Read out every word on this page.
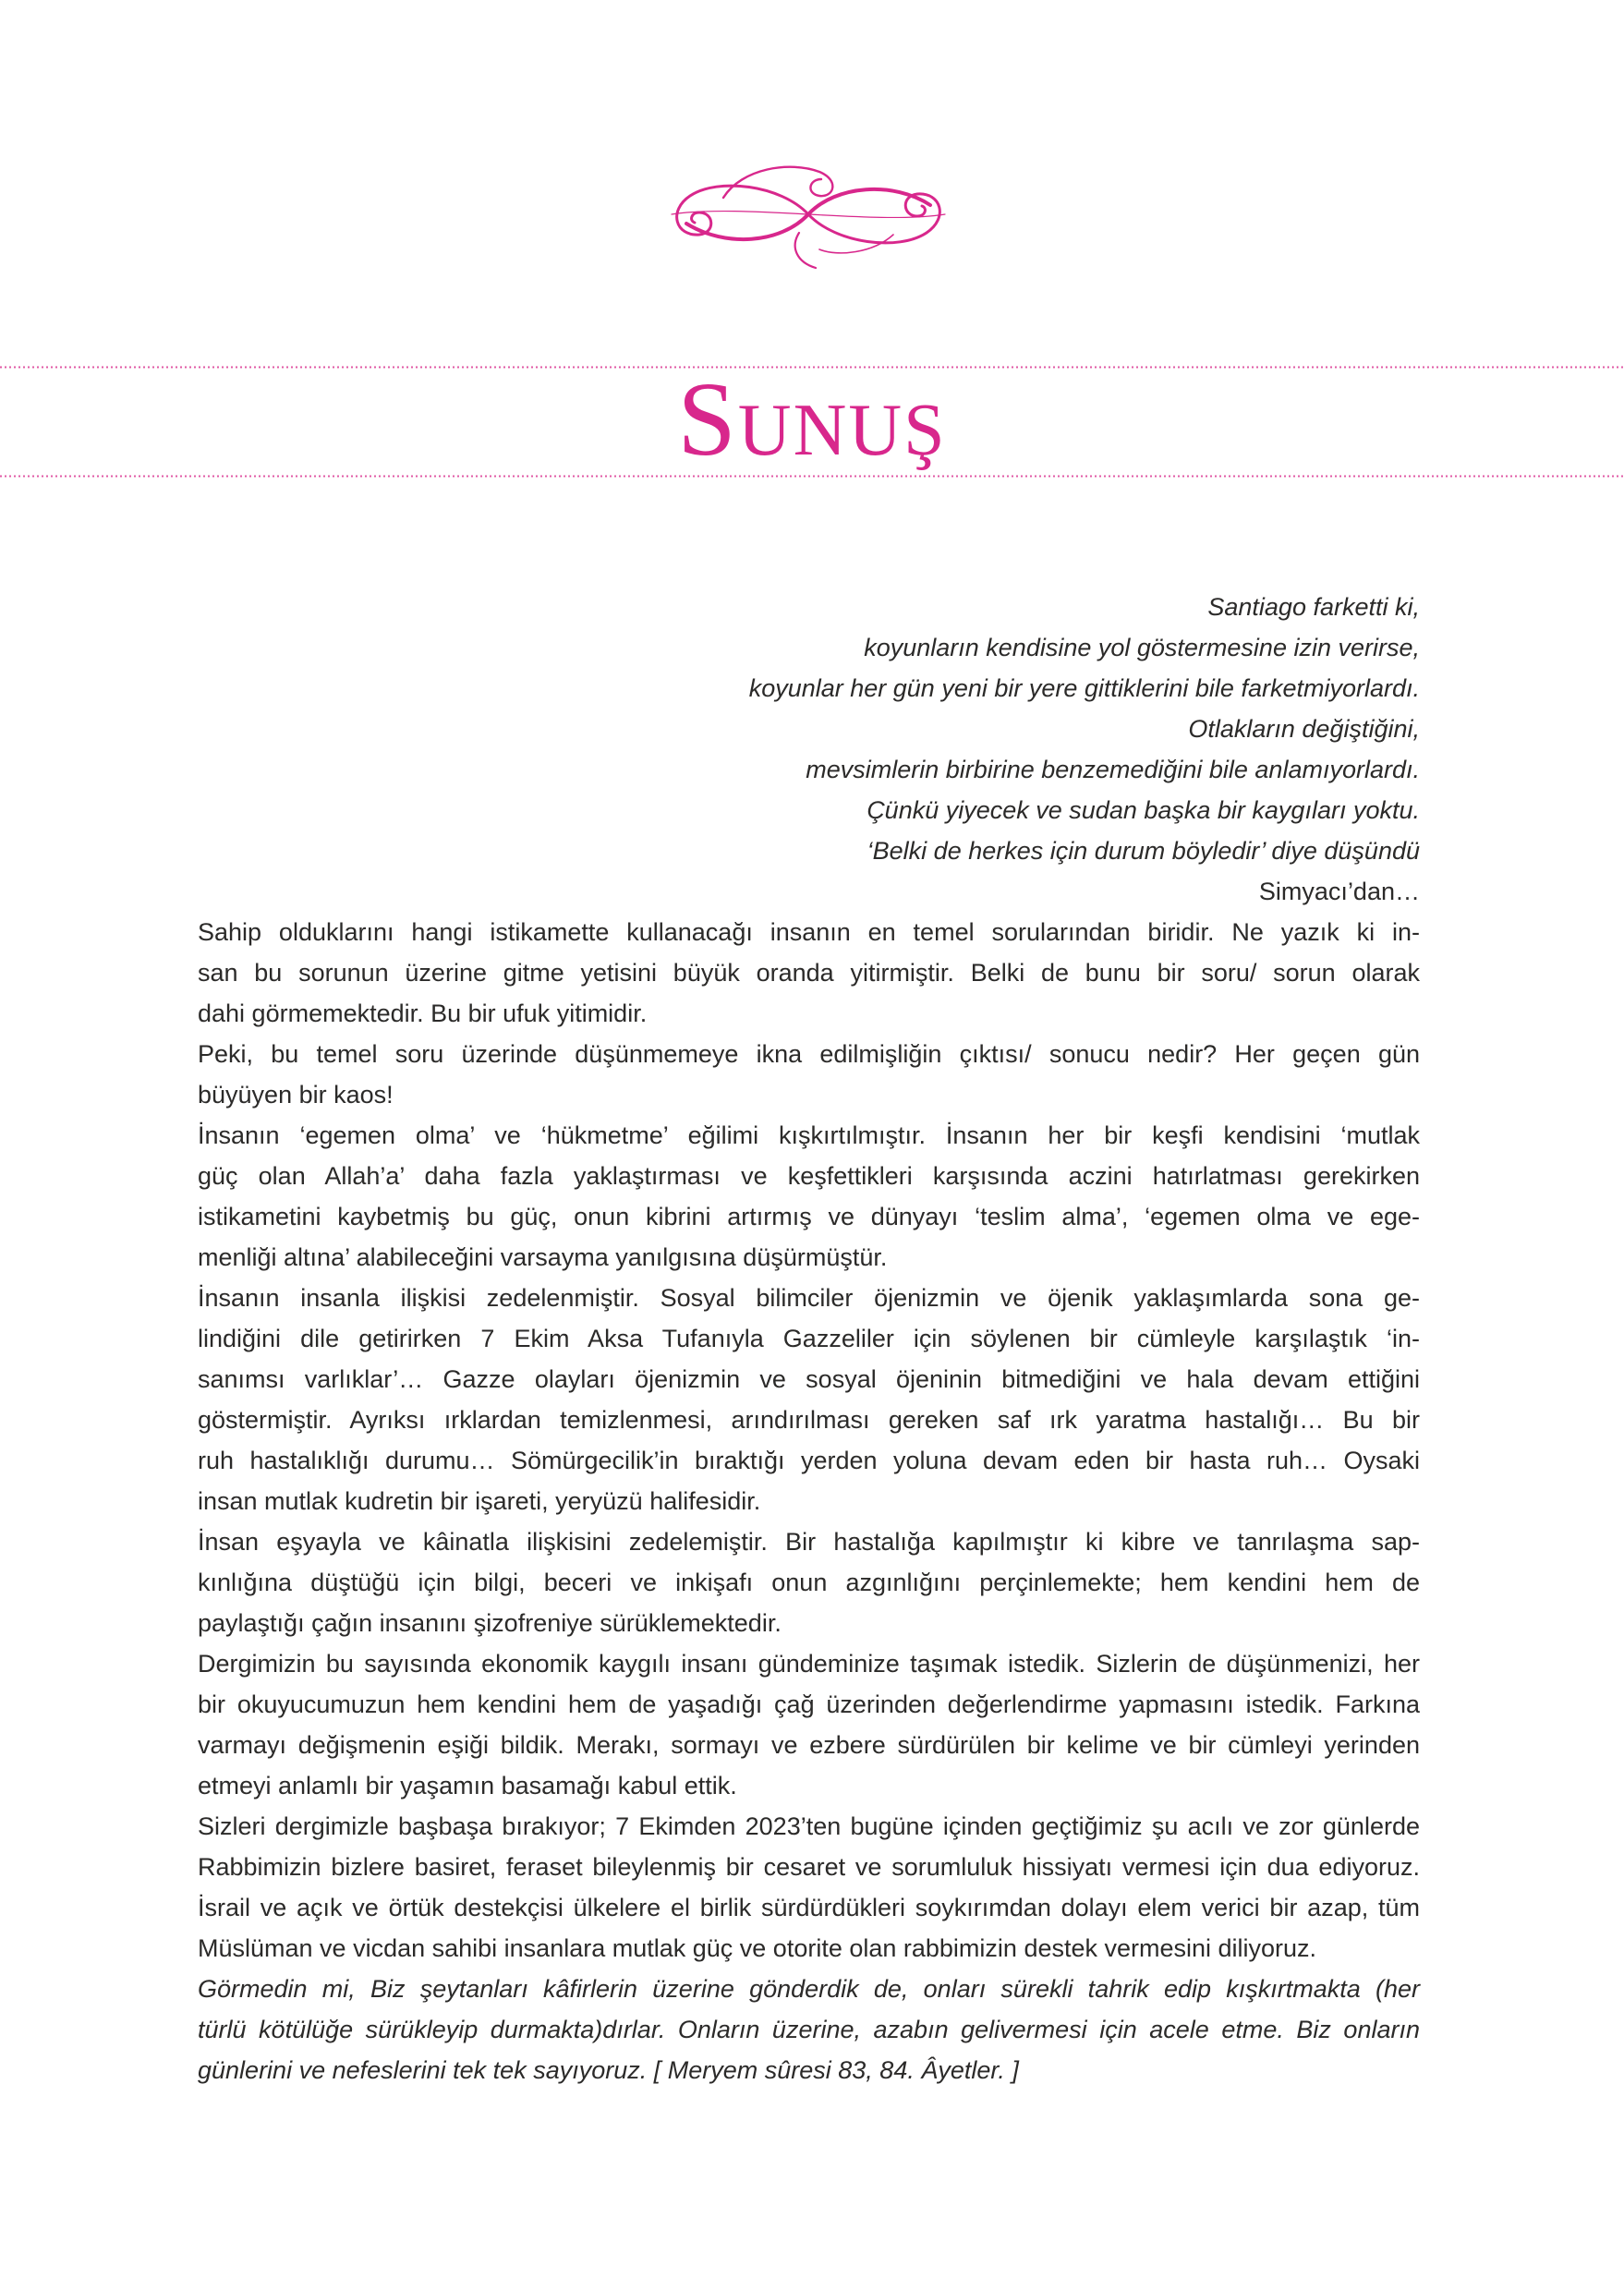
Sunuş
Santiago farketti ki,
koyunların kendisine yol göstermesine izin verirse,
koyunlar her gün yeni bir yere gittiklerini bile farketmiyorlardı.
Otlakların değiştiğini,
mevsimlerin birbirine benzemediğini bile anlamıyorlardı.
Çünkü yiyecek ve sudan başka bir kaygıları yoktu.
‘Belki de herkes için durum böyledir’ diye düşündü
Simyacı’dan…
Sahip olduklarını hangi istikamette kullanacağı insanın en temel sorularından biridir. Ne yazık ki in-
san bu sorunun üzerine gitme yetisini büyük oranda yitirmiştir. Belki de bunu bir soru/ sorun olarak
dahi görmemektedir. Bu bir ufuk yitimidir.
Peki, bu temel soru üzerinde düşünmemeye ikna edilmişliğin çıktısı/ sonucu nedir? Her geçen gün
büyüyen bir kaos!
İnsanın ‘egemen olma’ ve ‘hükmetme’ eğilimi kışkırtılmıştır. İnsanın her bir keşfi kendisini ‘mutlak
güç olan Allah’a’ daha fazla yaklaştırması ve keşfettikleri karşısında aczini hatırlatması gerekirken
istikametini kaybetmiş bu güç, onun kibrini artırmış ve dünyayı ‘teslim alma’, ‘egemen olma ve ege-
menliği altına’ alabileceğini varsayma yanılgısına düşürmüştür.
İnsanın insanla ilişkisi zedelenmiştir. Sosyal bilimciler öjenizmin ve öjenik yaklaşımlarda sona ge-
lindiğini dile getirirken 7 Ekim Aksa Tufanıyla Gazzeliler için söylenen bir cümleyle karşılaştık ‘in-
sanımsı varlıklar’… Gazze olayları öjenizmin ve sosyal öjeninin bitmediğini ve hala devam ettiğini
göstermiştir. Ayrıksı ırklardan temizlenmesi, arındırılması gereken saf ırk yaratma hastalığı… Bu bir
ruh hastalıklığı durumu… Sömürgecilik’in bıraktığı yerden yoluna devam eden bir hasta ruh… Oysaki
insan mutlak kudretin bir işareti, yeryüzü halifesidir.
İnsan eşyayla ve kâinatla ilişkisini zedelemiştir. Bir hastalığa kapılmıştır ki kibre ve tanrılaşma sap-
kınlığına düştüğü için bilgi, beceri ve inkişafı onun azgınlığını perçinlemekte; hem kendini hem de
paylaştığı çağın insanını şizofreniye sürüklemektedir.
Dergimizin bu sayısında ekonomik kaygılı insanı gündeminize taşımak istedik. Sizlerin de düşünmenizi, her
bir okuyucumuzun hem kendini hem de yaşadığı çağ üzerinden değerlendirme yapmasını istedik. Farkına
varmayı değişmenin eşiği bildik. Merakı, sormayı ve ezbere sürdürülen bir kelime ve bir cümleyi yerinden
etmeyi anlamlı bir yaşamın basamağı kabul ettik.
Sizleri dergimizle başbaşa bırakıyor; 7 Ekimden 2023’ten bugüne içinden geçtiğimiz şu acılı ve zor günlerde
Rabbimizin bizlere basiret, feraset bileylenmiş bir cesaret ve sorumluluk hissiyatı vermesi için dua ediyoruz.
İsrail ve açık ve örtük destekçisi ülkelere el birlik sürdürdükleri soykırımdan dolayı elem verici bir azap, tüm
Müslüman ve vicdan sahibi insanlara mutlak güç ve otorite olan rabbimizin destek vermesini diliyoruz.
Görmedin mi, Biz şeytanları kâfirlerin üzerine gönderdik de, onları sürekli tahrik edip kışkırtmakta (her
türlü kötülüğe sürükleyip durmakta)dırlar. Onların üzerine, azabın gelivermesi için acele etme. Biz onların
günlerini ve nefeslerini tek tek sayıyoruz. [ Meryem sûresi 83, 84. Âyetler. ]
